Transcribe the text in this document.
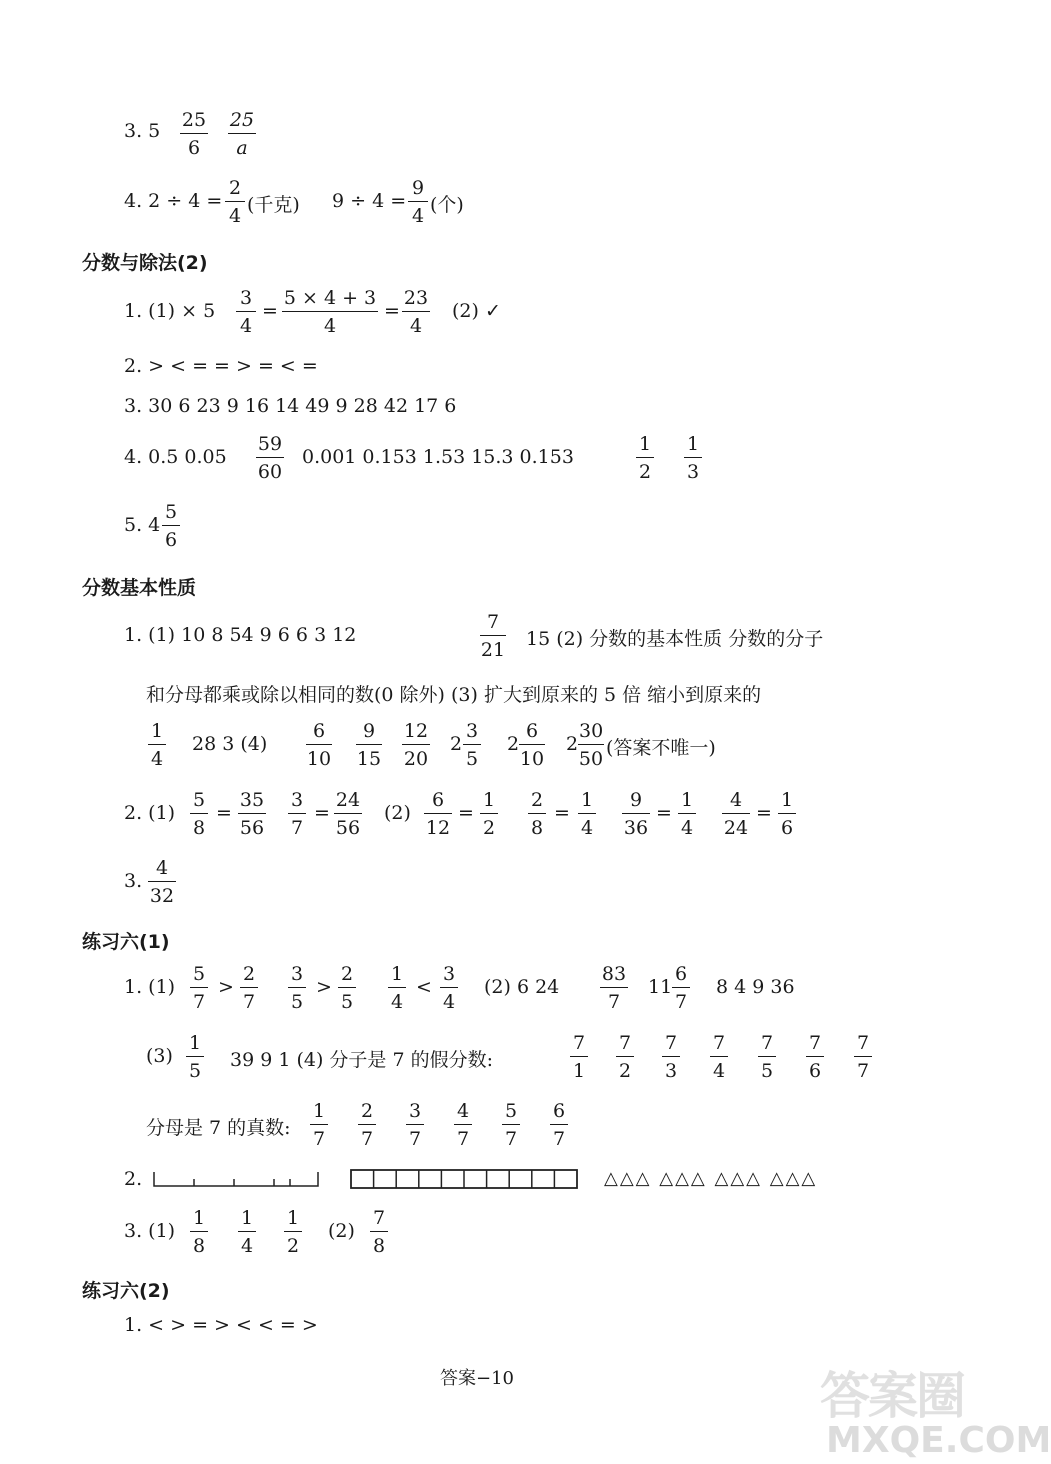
3. $5 \frac{25}{6} \frac{25}{a}$
4. $2 \div 4 = \frac{2}{4}$ (千克) $9 \div 4 = \frac{9}{4}$ (个)
分数与除法(2)
1. $(1) \times 5 \frac{3}{4} = \frac{5 \times 4 + 3}{4} = \frac{23}{4} (2)$ ✓
2. > < = = > = < =
3. 30 6 23 9 16 14 49 9 28 42 17 6
4. 0.5 $0.05 \frac{59}{60} 0.001$ 0.153 1.53 15.3 0.153	$\frac{1}{2} \frac{1}{3}$
5. $4 \frac{5}{6}$
分数基本性质
1. (1) 10 8 54 9 6 6 3 12	$\frac{7}{21} 15$ (2) 分数的基本性质 分数的分子
和分母都乘或除以相同的数(0 除外) (3) 扩大到原来的 5 倍 缩小到原来的
$\frac{1}{4} 28$ 3 $(4) \frac{6}{10} \frac{9}{15} \frac{12}{20} 2 \frac{3}{5} 2 \frac{6}{10} 2 \frac{30}{50}$ (答案不唯一)
2. $(1) \frac{5}{8} = \frac{35}{56} \frac{3}{7} = \frac{24}{56} (2) \frac{6}{12} = \frac{1}{2} \frac{2}{8} = \frac{1}{4} \frac{9}{36} = \frac{1}{4} \frac{4}{24} = \frac{1}{6}$
3. $\frac{4}{32}$
练习六(1)
1. $(1) \frac{5}{7} > \frac{2}{7} \frac{3}{5} > \frac{2}{5} \frac{1}{4} < \frac{3}{4} (2)$ 6 $24 \frac{83}{7} 11 \frac{6}{7} 8$ 4 9 36
$(3) \frac{1}{5} 39$ 9 1 (4) 分子是 7 的假分数:	$\frac{7}{1} \frac{7}{2} \frac{7}{3} \frac{7}{4} \frac{7}{5} \frac{7}{6} \frac{7}{7}$
分母是 7 的真数: $\frac{1}{7} \frac{2}{7} \frac{3}{7} \frac{4}{7} \frac{5}{7} \frac{6}{7}$
2.	△△△ △△△ △△△ △△△
3. $(1) \frac{1}{8} \frac{1}{4} \frac{1}{2} (2) \frac{7}{8}$
练习六(2)
1. < > = > < < = >
答案−10	答案圈
MXQE.COM
